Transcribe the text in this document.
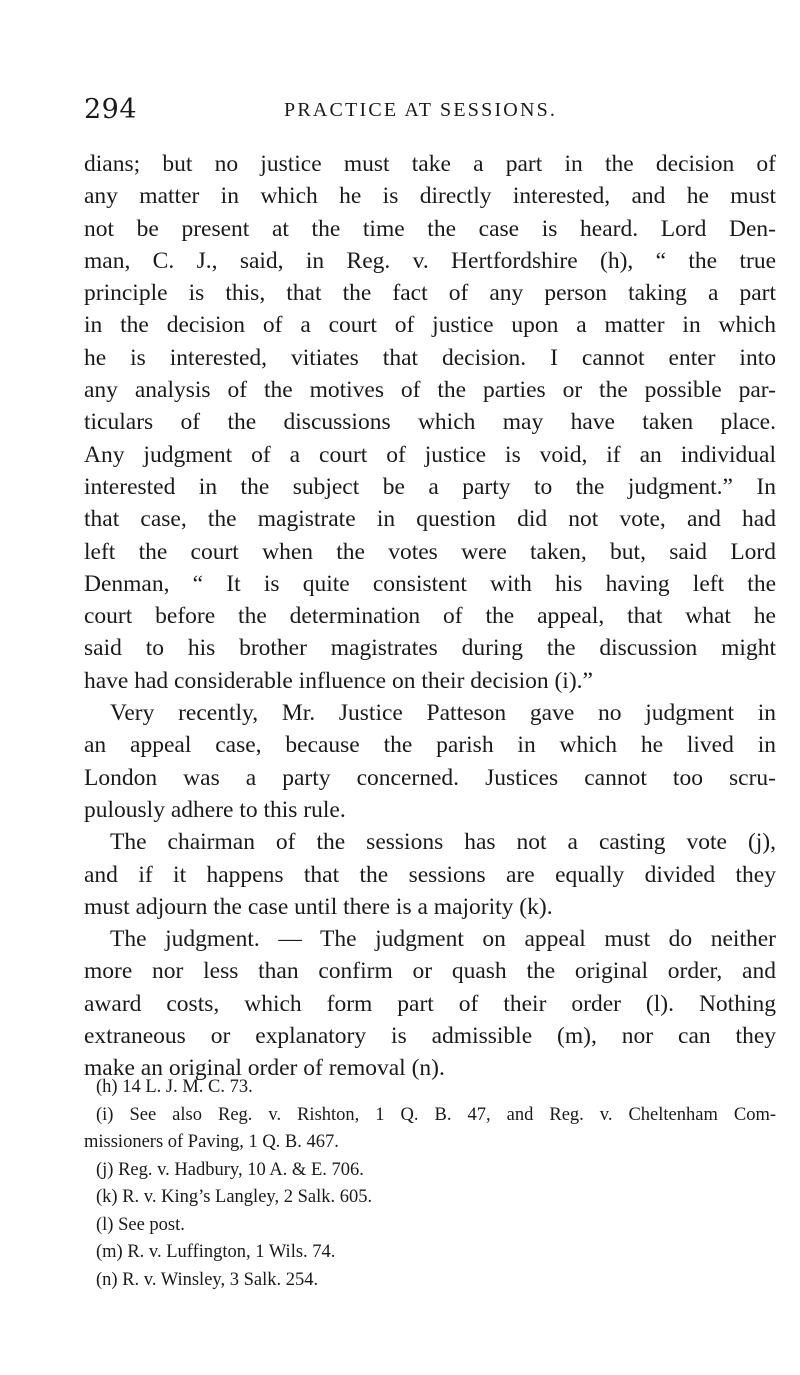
294	PRACTICE AT SESSIONS.
dians; but no justice must take a part in the decision of
any matter in which he is directly interested, and he must
not be present at the time the case is heard. Lord Den-
man, C. J., said, in Reg. v. Hertfordshire (h), “ the true
principle is this, that the fact of any person taking a part
in the decision of a court of justice upon a matter in which
he is interested, vitiates that decision. I cannot enter into
any analysis of the motives of the parties or the possible par-
ticulars of the discussions which may have taken place.
Any judgment of a court of justice is void, if an individual
interested in the subject be a party to the judgment.” In
that case, the magistrate in question did not vote, and had
left the court when the votes were taken, but, said Lord
Denman, “ It is quite consistent with his having left the
court before the determination of the appeal, that what he
said to his brother magistrates during the discussion might
have had considerable influence on their decision (i).”
Very recently, Mr. Justice Patteson gave no judgment in
an appeal case, because the parish in which he lived in
London was a party concerned. Justices cannot too scru-
pulously adhere to this rule.
The chairman of the sessions has not a casting vote (j),
and if it happens that the sessions are equally divided they
must adjourn the case until there is a majority (k).
The judgment. — The judgment on appeal must do neither
more nor less than confirm or quash the original order, and
award costs, which form part of their order (l). Nothing
extraneous or explanatory is admissible (m), nor can they
make an original order of removal (n).
(h) 14 L. J. M. C. 73.
(i) See also Reg. v. Rishton, 1 Q. B. 47, and Reg. v. Cheltenham Com-
missioners of Paving, 1 Q. B. 467.
(j) Reg. v. Hadbury, 10 A. & E. 706.
(k) R. v. King’s Langley, 2 Salk. 605.
(l) See post.
(m) R. v. Luffington, 1 Wils. 74.
(n) R. v. Winsley, 3 Salk. 254.
